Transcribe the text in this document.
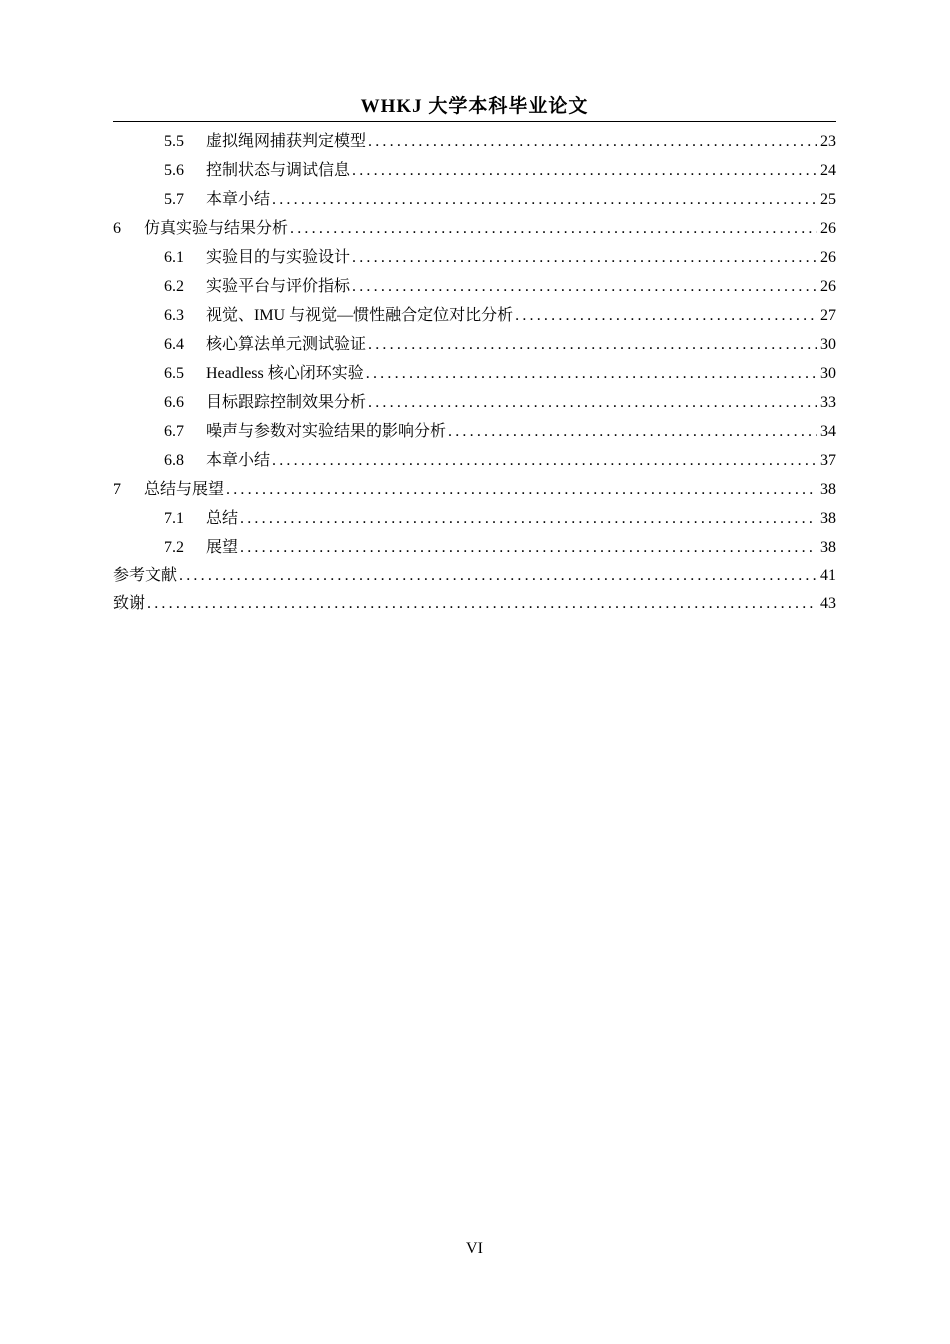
WHKJ 大学本科毕业论文
5.5	虚拟绳网捕获判定模型 .....	23
5.6	控制状态与调试信息 .....	24
5.7	本章小结 .....	25
6	仿真实验与结果分析 .....	26
6.1	实验目的与实验设计 .....	26
6.2	实验平台与评价指标 .....	26
6.3	视觉、IMU 与视觉—惯性融合定位对比分析 .....	27
6.4	核心算法单元测试验证 .....	30
6.5	Headless 核心闭环实验 .....	30
6.6	目标跟踪控制效果分析 .....	33
6.7	噪声与参数对实验结果的影响分析 .....	34
6.8	本章小结 .....	37
7	总结与展望 .....	38
7.1	总结 .....	38
7.2	展望 .....	38
参考文献 .....	41
致谢 .....	43
VI
